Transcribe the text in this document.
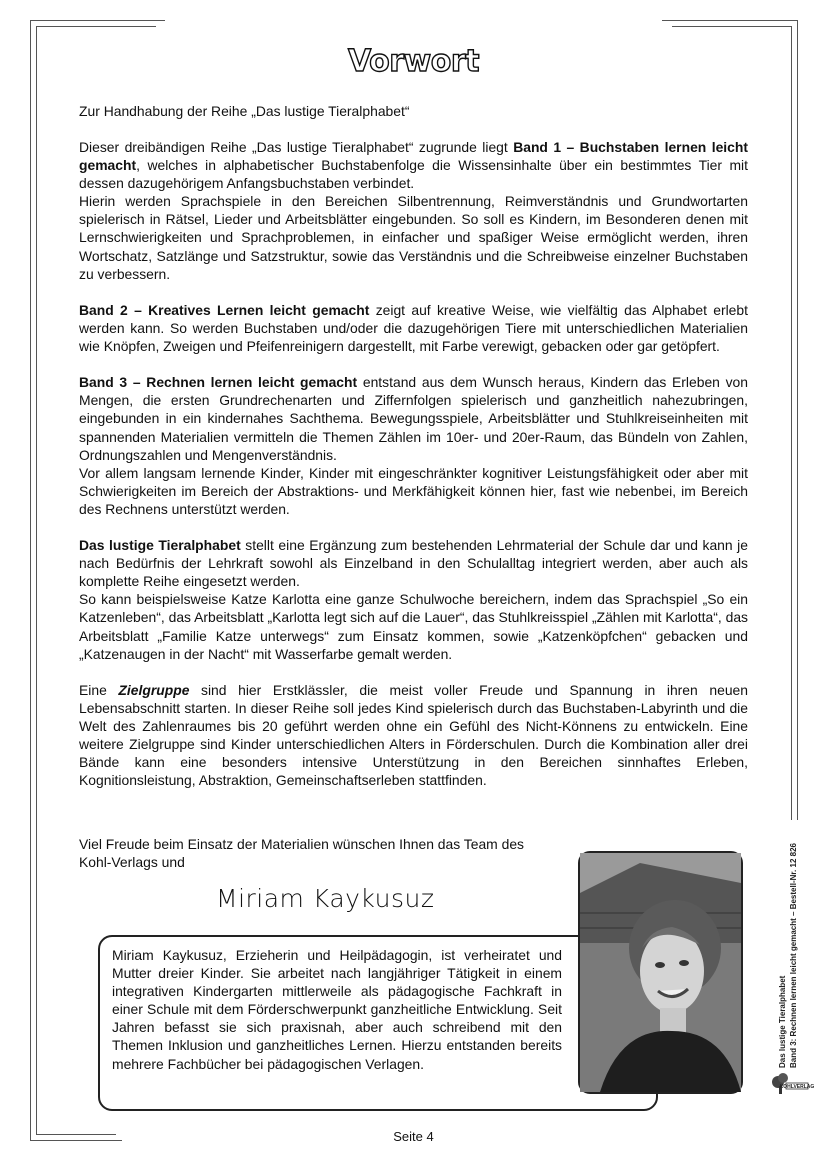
Vorwort

Zur Handhabung der Reihe „Das lustige Tieralphabet“

Dieser dreibändigen Reihe „Das lustige Tieralphabet“ zugrunde liegt Band 1 – Buchstaben lernen leicht gemacht, welches in alphabetischer Buchstabenfolge die Wissensinhalte über ein bestimmtes Tier mit dessen dazugehörigem Anfangsbuchstaben verbindet.

Hierin werden Sprachspiele in den Bereichen Silbentrennung, Reimverständnis und Grundwortarten spielerisch in Rätsel, Lieder und Arbeitsblätter eingebunden. So soll es Kindern, im Besonderen denen mit Lernschwierigkeiten und Sprachproblemen, in einfacher und spaßiger Weise ermöglicht werden, ihren Wortschatz, Satzlänge und Satzstruktur, sowie das Verständnis und die Schreibweise einzelner Buchstaben zu verbessern.

Band 2 – Kreatives Lernen leicht gemacht zeigt auf kreative Weise, wie vielfältig das Alphabet erlebt werden kann. So werden Buchstaben und/oder die dazugehörigen Tiere mit unterschiedlichen Materialien wie Knöpfen, Zweigen und Pfeifenreinigern dargestellt, mit Farbe verewigt, gebacken oder gar getöpfert.

Band 3 – Rechnen lernen leicht gemacht entstand aus dem Wunsch heraus, Kindern das Erleben von Mengen, die ersten Grundrechenarten und Ziffernfolgen spielerisch und ganzheitlich nahezubringen, eingebunden in ein kindernahes Sachthema. Bewegungsspiele, Arbeitsblätter und Stuhlkreiseinheiten mit spannenden Materialien vermitteln die Themen Zählen im 10er- und 20er-Raum, das Bündeln von Zahlen, Ordnungszahlen und Mengenverständnis.

Vor allem langsam lernende Kinder, Kinder mit eingeschränkter kognitiver Leistungsfähigkeit oder aber mit Schwierigkeiten im Bereich der Abstraktions- und Merkfähigkeit können hier, fast wie nebenbei, im Bereich des Rechnens unterstützt werden.

Das lustige Tieralphabet stellt eine Ergänzung zum bestehenden Lehrmaterial der Schule dar und kann je nach Bedürfnis der Lehrkraft sowohl als Einzelband in den Schulalltag integriert werden, aber auch als komplette Reihe eingesetzt werden.

So kann beispielsweise Katze Karlotta eine ganze Schulwoche bereichern, indem das Sprachspiel „So ein Katzenleben“, das Arbeitsblatt „Karlotta legt sich auf die Lauer“, das Stuhlkreisspiel „Zählen mit Karlotta“, das Arbeitsblatt „Familie Katze unterwegs“ zum Einsatz kommen, sowie „Katzenköpfchen“ gebacken und „Katzenaugen in der Nacht“ mit Wasserfarbe gemalt werden.

Eine Zielgruppe sind hier Erstklässler, die meist voller Freude und Spannung in ihren neuen Lebensabschnitt starten. In dieser Reihe soll jedes Kind spielerisch durch das Buchstaben-Labyrinth und die Welt des Zahlenraumes bis 20 geführt werden ohne ein Gefühl des Nicht-Könnens zu entwickeln. Eine weitere Zielgruppe sind Kinder unterschiedlichen Alters in Förderschulen. Durch die Kombination aller drei Bände kann eine besonders intensive Unterstützung in den Bereichen sinnhaftes Erleben, Kognitionsleistung, Abstraktion, Gemeinschaftserleben stattfinden.

Viel Freude beim Einsatz der Materialien wünschen Ihnen das Team des
Kohl-Verlags und
Miriam Kaykusuz
Miriam Kaykusuz, Erzieherin und Heilpädagogin, ist verheiratet und Mutter dreier Kinder. Sie arbeitet nach langjähriger Tätigkeit in einem integrativen Kindergarten mittlerweile als pädagogische Fachkraft in einer Schule mit dem Förderschwerpunkt ganzheitliche Entwicklung. Seit Jahren befasst sie sich praxisnah, aber auch schreibend mit den Themen Inklusion und ganzheitliches Lernen. Hierzu entstanden bereits mehrere Fachbücher bei pädagogischen Verlagen.	Das lustige Tieralphabet Band 3: Rechnen lernen leicht gemacht – Bestell-Nr. 12 826
KOHLVERLAG
Seite 4
